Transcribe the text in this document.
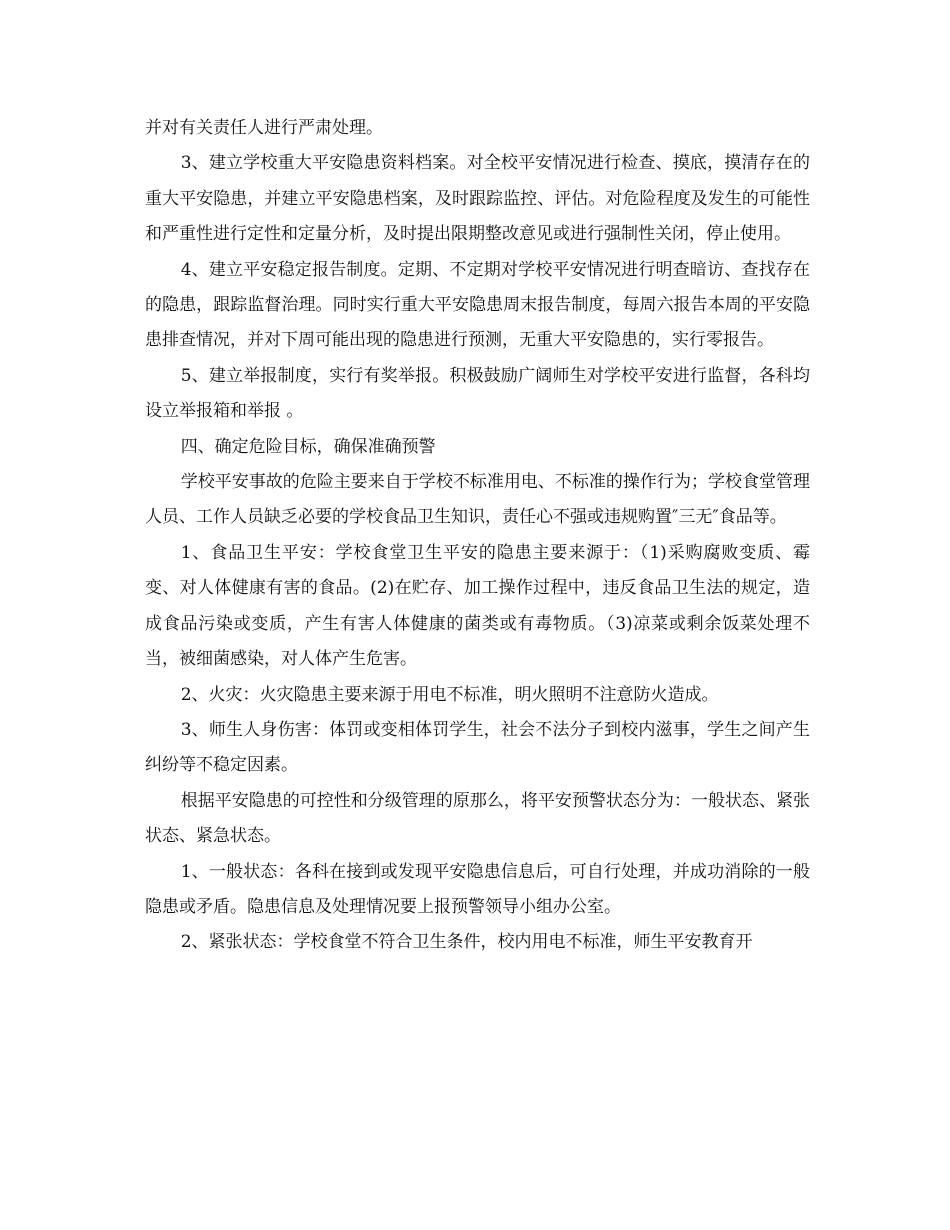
并对有关责任人进行严肃处理。

3、建立学校重大平安隐患资料档案。对全校平安情况进行检查、摸底，摸清存在的重大平安隐患，并建立平安隐患档案，及时跟踪监控、评估。对危险程度及发生的可能性和严重性进行定性和定量分析，及时提出限期整改意见或进行强制性关闭，停止使用。

4、建立平安稳定报告制度。定期、不定期对学校平安情况进行明查暗访、查找存在的隐患，跟踪监督治理。同时实行重大平安隐患周末报告制度，每周六报告本周的平安隐患排查情况，并对下周可能出现的隐患进行预测，无重大平安隐患的，实行零报告。

5、建立举报制度，实行有奖举报。积极鼓励广阔师生对学校平安进行监督，各科均设立举报箱和举报 。

四、确定危险目标，确保准确预警

学校平安事故的危险主要来自于学校不标准用电、不标准的操作行为；学校食堂管理人员、工作人员缺乏必要的学校食品卫生知识，责任心不强或违规购置″三无″食品等。

1、食品卫生平安：学校食堂卫生平安的隐患主要来源于：（1)采购腐败变质、霉变、对人体健康有害的食品。(2)在贮存、加工操作过程中，违反食品卫生法的规定，造成食品污染或变质，产生有害人体健康的菌类或有毒物质。（3)凉菜或剩余饭菜处理不当，被细菌感染，对人体产生危害。

2、火灾：火灾隐患主要来源于用电不标准，明火照明不注意防火造成。

3、师生人身伤害：体罚或变相体罚学生，社会不法分子到校内滋事，学生之间产生纠纷等不稳定因素。

根据平安隐患的可控性和分级管理的原那么，将平安预警状态分为：一般状态、紧张状态、紧急状态。

1、一般状态：各科在接到或发现平安隐患信息后，可自行处理，并成功消除的一般隐患或矛盾。隐患信息及处理情况要上报预警领导小组办公室。

2、紧张状态：学校食堂不符合卫生条件，校内用电不标准，师生平安教育开
